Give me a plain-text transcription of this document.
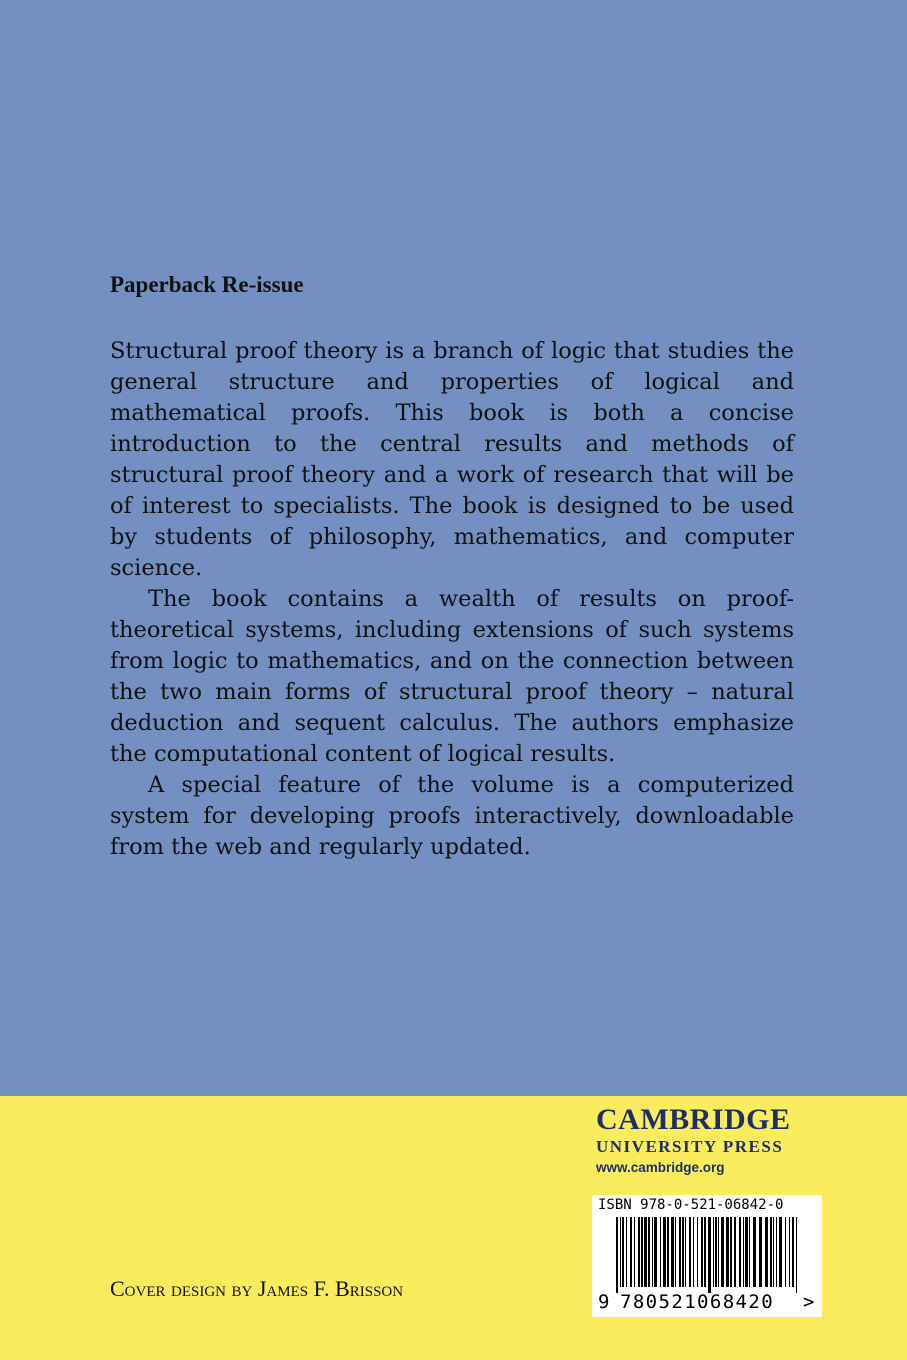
Paperback Re-issue

Structural proof theory is a branch of logic that studies the general structure and properties of logical and mathematical proofs. This book is both a concise introduction to the central results and methods of structural proof theory and a work of research that will be of interest to specialists. The book is designed to be used by students of philosophy, mathematics, and computer science.

The book contains a wealth of results on proof-theoretical systems, including extensions of such systems from logic to mathematics, and on the connection between the two main forms of structural proof theory – natural deduction and sequent calculus. The authors emphasize the computational content of logical results.

A special feature of the volume is a computerized system for developing proofs interactively, downloadable from the web and regularly updated.

CAMBRIDGE
UNIVERSITY PRESS
www.cambridge.org
ISBN 978-0-521-06842-0
9 780521068420 >
Cover design by James F. Brisson
